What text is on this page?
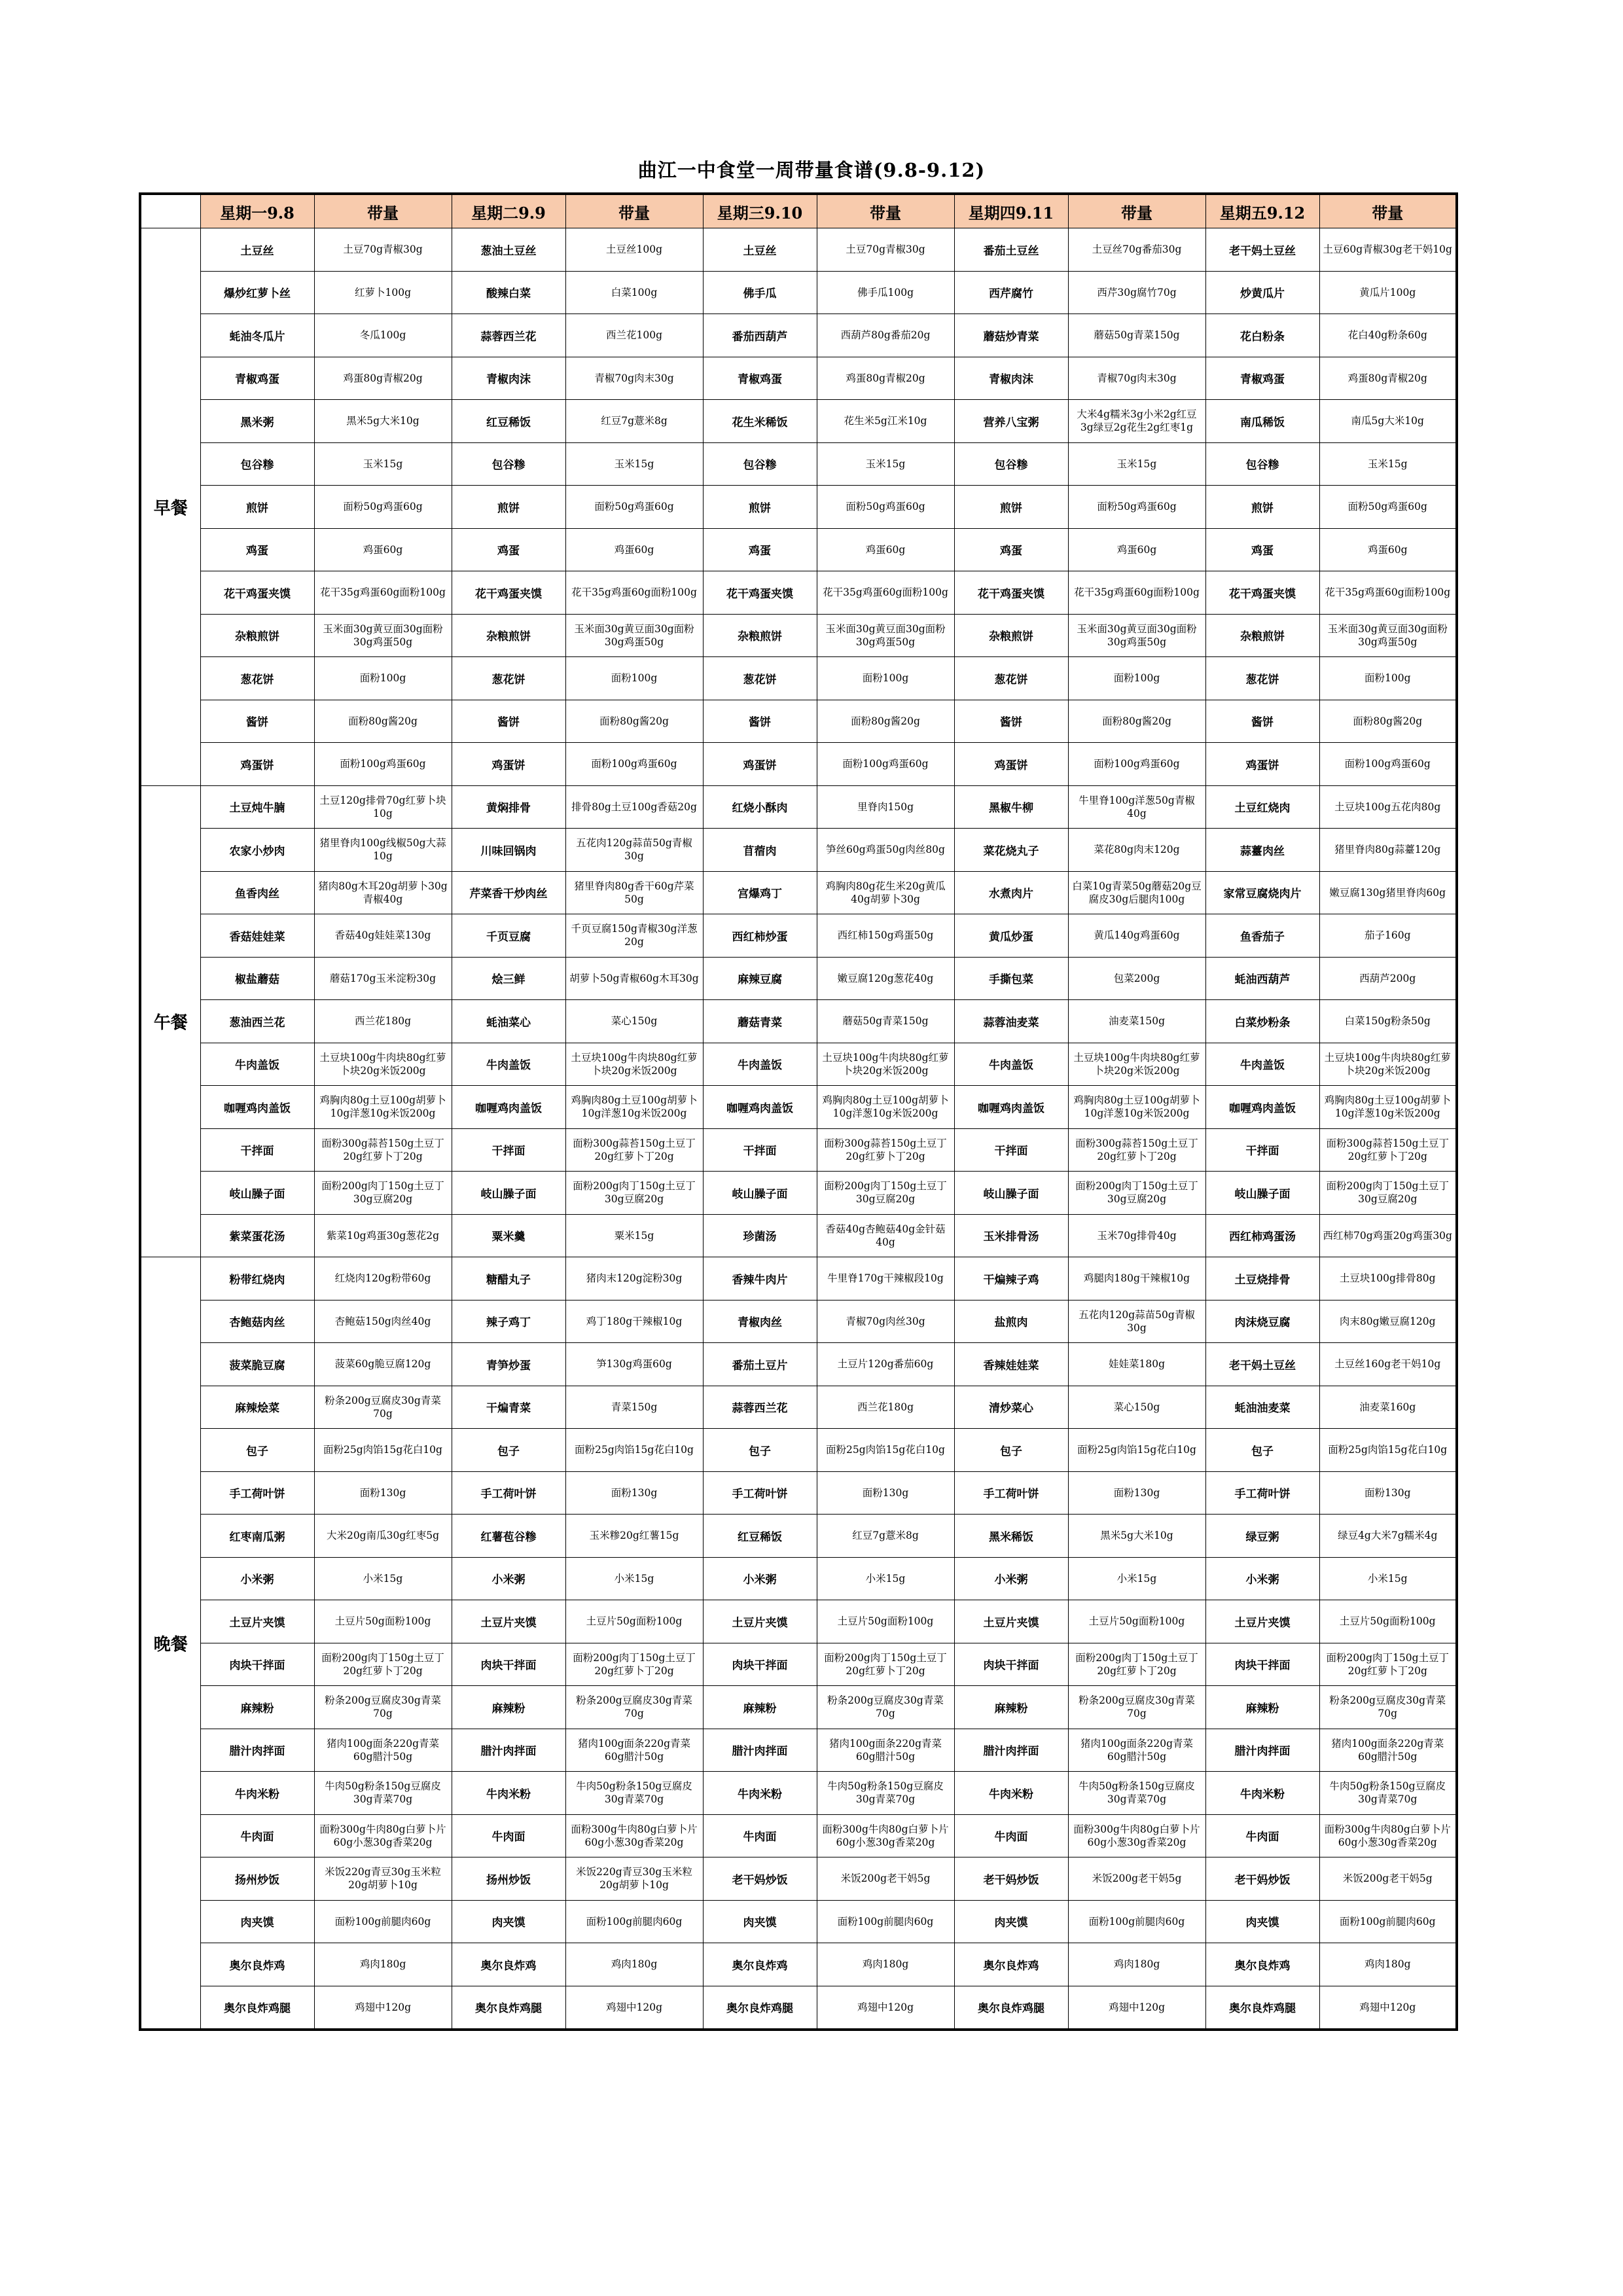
曲江一中食堂一周带量食谱(9.8-9.12)
	星期一9.8	带量	星期二9.9	带量	星期三9.10	带量	星期四9.11	带量	星期五9.12	带量
早餐	土豆丝	土豆70g青椒30g	葱油土豆丝	土豆丝100g	土豆丝	土豆70g青椒30g	番茄土豆丝	土豆丝70g番茄30g	老干妈土豆丝	土豆60g青椒30g老干妈10g

	爆炒红萝卜丝	红萝卜100g	酸辣白菜	白菜100g	佛手瓜	佛手瓜100g	西芹腐竹	西芹30g腐竹70g	炒黄瓜片	黄瓜片100g

	蚝油冬瓜片	冬瓜100g	蒜蓉西兰花	西兰花100g	番茄西葫芦	西葫芦80g番茄20g	蘑菇炒青菜	蘑菇50g青菜150g	花白粉条	花白40g粉条60g

	青椒鸡蛋	鸡蛋80g青椒20g	青椒肉沫	青椒70g肉末30g	青椒鸡蛋	鸡蛋80g青椒20g	青椒肉沫	青椒70g肉末30g	青椒鸡蛋	鸡蛋80g青椒20g

	黑米粥	黑米5g大米10g	红豆稀饭	红豆7g薏米8g	花生米稀饭	花生米5g江米10g	营养八宝粥	大米4g糯米3g小米2g红豆3g绿豆2g花生2g红枣1g	南瓜稀饭	南瓜5g大米10g

	包谷糁	玉米15g	包谷糁	玉米15g	包谷糁	玉米15g	包谷糁	玉米15g	包谷糁	玉米15g

	煎饼	面粉50g鸡蛋60g	煎饼	面粉50g鸡蛋60g	煎饼	面粉50g鸡蛋60g	煎饼	面粉50g鸡蛋60g	煎饼	面粉50g鸡蛋60g

	鸡蛋	鸡蛋60g	鸡蛋	鸡蛋60g	鸡蛋	鸡蛋60g	鸡蛋	鸡蛋60g	鸡蛋	鸡蛋60g

	花干鸡蛋夹馍	花干35g鸡蛋60g面粉100g	花干鸡蛋夹馍	花干35g鸡蛋60g面粉100g	花干鸡蛋夹馍	花干35g鸡蛋60g面粉100g	花干鸡蛋夹馍	花干35g鸡蛋60g面粉100g	花干鸡蛋夹馍	花干35g鸡蛋60g面粉100g

	杂粮煎饼	玉米面30g黄豆面30g面粉30g鸡蛋50g	杂粮煎饼	玉米面30g黄豆面30g面粉30g鸡蛋50g	杂粮煎饼	玉米面30g黄豆面30g面粉30g鸡蛋50g	杂粮煎饼	玉米面30g黄豆面30g面粉30g鸡蛋50g	杂粮煎饼	玉米面30g黄豆面30g面粉30g鸡蛋50g

	葱花饼	面粉100g	葱花饼	面粉100g	葱花饼	面粉100g	葱花饼	面粉100g	葱花饼	面粉100g

	酱饼	面粉80g酱20g	酱饼	面粉80g酱20g	酱饼	面粉80g酱20g	酱饼	面粉80g酱20g	酱饼	面粉80g酱20g

	鸡蛋饼	面粉100g鸡蛋60g	鸡蛋饼	面粉100g鸡蛋60g	鸡蛋饼	面粉100g鸡蛋60g	鸡蛋饼	面粉100g鸡蛋60g	鸡蛋饼	面粉100g鸡蛋60g

午餐	土豆炖牛腩	土豆120g排骨70g红萝卜块10g	黄焖排骨	排骨80g土豆100g香菇20g	红烧小酥肉	里脊肉150g	黑椒牛柳	牛里脊100g洋葱50g青椒40g	土豆红烧肉	土豆块100g五花肉80g

	农家小炒肉	猪里脊肉100g线椒50g大蒜10g	川味回锅肉	五花肉120g蒜苗50g青椒30g	苜蓿肉	笋丝60g鸡蛋50g肉丝80g	菜花烧丸子	菜花80g肉末120g	蒜薹肉丝	猪里脊肉80g蒜薹120g

	鱼香肉丝	猪肉80g木耳20g胡萝卜30g青椒40g	芹菜香干炒肉丝	猪里脊肉80g香干60g芹菜50g	宫爆鸡丁	鸡胸肉80g花生米20g黄瓜40g胡萝卜30g	水煮肉片	白菜10g青菜50g蘑菇20g豆腐皮30g后腿肉100g	家常豆腐烧肉片	嫩豆腐130g猪里脊肉60g

	香菇娃娃菜	香菇40g娃娃菜130g	千页豆腐	千页豆腐150g青椒30g洋葱20g	西红柿炒蛋	西红柿150g鸡蛋50g	黄瓜炒蛋	黄瓜140g鸡蛋60g	鱼香茄子	茄子160g

	椒盐蘑菇	蘑菇170g玉米淀粉30g	烩三鲜	胡萝卜50g青椒60g木耳30g	麻辣豆腐	嫩豆腐120g葱花40g	手撕包菜	包菜200g	蚝油西葫芦	西葫芦200g

	葱油西兰花	西兰花180g	蚝油菜心	菜心150g	蘑菇青菜	蘑菇50g青菜150g	蒜蓉油麦菜	油麦菜150g	白菜炒粉条	白菜150g粉条50g

	牛肉盖饭	土豆块100g牛肉块80g红萝卜块20g米饭200g	牛肉盖饭	土豆块100g牛肉块80g红萝卜块20g米饭200g	牛肉盖饭	土豆块100g牛肉块80g红萝卜块20g米饭200g	牛肉盖饭	土豆块100g牛肉块80g红萝卜块20g米饭200g	牛肉盖饭	土豆块100g牛肉块80g红萝卜块20g米饭200g

	咖喱鸡肉盖饭	鸡胸肉80g土豆100g胡萝卜10g洋葱10g米饭200g	咖喱鸡肉盖饭	鸡胸肉80g土豆100g胡萝卜10g洋葱10g米饭200g	咖喱鸡肉盖饭	鸡胸肉80g土豆100g胡萝卜10g洋葱10g米饭200g	咖喱鸡肉盖饭	鸡胸肉80g土豆100g胡萝卜10g洋葱10g米饭200g	咖喱鸡肉盖饭	鸡胸肉80g土豆100g胡萝卜10g洋葱10g米饭200g

	干拌面	面粉300g蒜苔150g土豆丁20g红萝卜丁20g	干拌面	面粉300g蒜苔150g土豆丁20g红萝卜丁20g	干拌面	面粉300g蒜苔150g土豆丁20g红萝卜丁20g	干拌面	面粉300g蒜苔150g土豆丁20g红萝卜丁20g	干拌面	面粉300g蒜苔150g土豆丁20g红萝卜丁20g

	岐山臊子面	面粉200g肉丁150g土豆丁30g豆腐20g	岐山臊子面	面粉200g肉丁150g土豆丁30g豆腐20g	岐山臊子面	面粉200g肉丁150g土豆丁30g豆腐20g	岐山臊子面	面粉200g肉丁150g土豆丁30g豆腐20g	岐山臊子面	面粉200g肉丁150g土豆丁30g豆腐20g

	紫菜蛋花汤	紫菜10g鸡蛋30g葱花2g	粟米羹	粟米15g	珍菌汤	香菇40g杏鲍菇40g金针菇40g	玉米排骨汤	玉米70g排骨40g	西红柿鸡蛋汤	西红柿70g鸡蛋20g鸡蛋30g

晚餐	粉带红烧肉	红烧肉120g粉带60g	糖醋丸子	猪肉末120g淀粉30g	香辣牛肉片	牛里脊170g干辣椒段10g	干煸辣子鸡	鸡腿肉180g干辣椒10g	土豆烧排骨	土豆块100g排骨80g

	杏鲍菇肉丝	杏鲍菇150g肉丝40g	辣子鸡丁	鸡丁180g干辣椒10g	青椒肉丝	青椒70g肉丝30g	盐煎肉	五花肉120g蒜苗50g青椒30g	肉沫烧豆腐	肉末80g嫩豆腐120g

	菠菜脆豆腐	菠菜60g脆豆腐120g	青笋炒蛋	笋130g鸡蛋60g	番茄土豆片	土豆片120g番茄60g	香辣娃娃菜	娃娃菜180g	老干妈土豆丝	土豆丝160g老干妈10g

	麻辣烩菜	粉条200g豆腐皮30g青菜70g	干煸青菜	青菜150g	蒜蓉西兰花	西兰花180g	清炒菜心	菜心150g	蚝油油麦菜	油麦菜160g

	包子	面粉25g肉馅15g花白10g	包子	面粉25g肉馅15g花白10g	包子	面粉25g肉馅15g花白10g	包子	面粉25g肉馅15g花白10g	包子	面粉25g肉馅15g花白10g

	手工荷叶饼	面粉130g	手工荷叶饼	面粉130g	手工荷叶饼	面粉130g	手工荷叶饼	面粉130g	手工荷叶饼	面粉130g

	红枣南瓜粥	大米20g南瓜30g红枣5g	红薯苞谷糁	玉米糁20g红薯15g	红豆稀饭	红豆7g薏米8g	黑米稀饭	黑米5g大米10g	绿豆粥	绿豆4g大米7g糯米4g

	小米粥	小米15g	小米粥	小米15g	小米粥	小米15g	小米粥	小米15g	小米粥	小米15g

	土豆片夹馍	土豆片50g面粉100g	土豆片夹馍	土豆片50g面粉100g	土豆片夹馍	土豆片50g面粉100g	土豆片夹馍	土豆片50g面粉100g	土豆片夹馍	土豆片50g面粉100g

	肉块干拌面	面粉200g肉丁150g土豆丁20g红萝卜丁20g	肉块干拌面	面粉200g肉丁150g土豆丁20g红萝卜丁20g	肉块干拌面	面粉200g肉丁150g土豆丁20g红萝卜丁20g	肉块干拌面	面粉200g肉丁150g土豆丁20g红萝卜丁20g	肉块干拌面	面粉200g肉丁150g土豆丁20g红萝卜丁20g

	麻辣粉	粉条200g豆腐皮30g青菜70g	麻辣粉	粉条200g豆腐皮30g青菜70g	麻辣粉	粉条200g豆腐皮30g青菜70g	麻辣粉	粉条200g豆腐皮30g青菜70g	麻辣粉	粉条200g豆腐皮30g青菜70g

	腊汁肉拌面	猪肉100g面条220g青菜60g腊汁50g	腊汁肉拌面	猪肉100g面条220g青菜60g腊汁50g	腊汁肉拌面	猪肉100g面条220g青菜60g腊汁50g	腊汁肉拌面	猪肉100g面条220g青菜60g腊汁50g	腊汁肉拌面	猪肉100g面条220g青菜60g腊汁50g

	牛肉米粉	牛肉50g粉条150g豆腐皮30g青菜70g	牛肉米粉	牛肉50g粉条150g豆腐皮30g青菜70g	牛肉米粉	牛肉50g粉条150g豆腐皮30g青菜70g	牛肉米粉	牛肉50g粉条150g豆腐皮30g青菜70g	牛肉米粉	牛肉50g粉条150g豆腐皮30g青菜70g

	牛肉面	面粉300g牛肉80g白萝卜片60g小葱30g香菜20g	牛肉面	面粉300g牛肉80g白萝卜片60g小葱30g香菜20g	牛肉面	面粉300g牛肉80g白萝卜片60g小葱30g香菜20g	牛肉面	面粉300g牛肉80g白萝卜片60g小葱30g香菜20g	牛肉面	面粉300g牛肉80g白萝卜片60g小葱30g香菜20g

	扬州炒饭	米饭220g青豆30g玉米粒20g胡萝卜10g	扬州炒饭	米饭220g青豆30g玉米粒20g胡萝卜10g	老干妈炒饭	米饭200g老干妈5g	老干妈炒饭	米饭200g老干妈5g	老干妈炒饭	米饭200g老干妈5g

	肉夹馍	面粉100g前腿肉60g	肉夹馍	面粉100g前腿肉60g	肉夹馍	面粉100g前腿肉60g	肉夹馍	面粉100g前腿肉60g	肉夹馍	面粉100g前腿肉60g

	奥尔良炸鸡	鸡肉180g	奥尔良炸鸡	鸡肉180g	奥尔良炸鸡	鸡肉180g	奥尔良炸鸡	鸡肉180g	奥尔良炸鸡	鸡肉180g

	奥尔良炸鸡腿	鸡翅中120g	奥尔良炸鸡腿	鸡翅中120g	奥尔良炸鸡腿	鸡翅中120g	奥尔良炸鸡腿	鸡翅中120g	奥尔良炸鸡腿	鸡翅中120g
